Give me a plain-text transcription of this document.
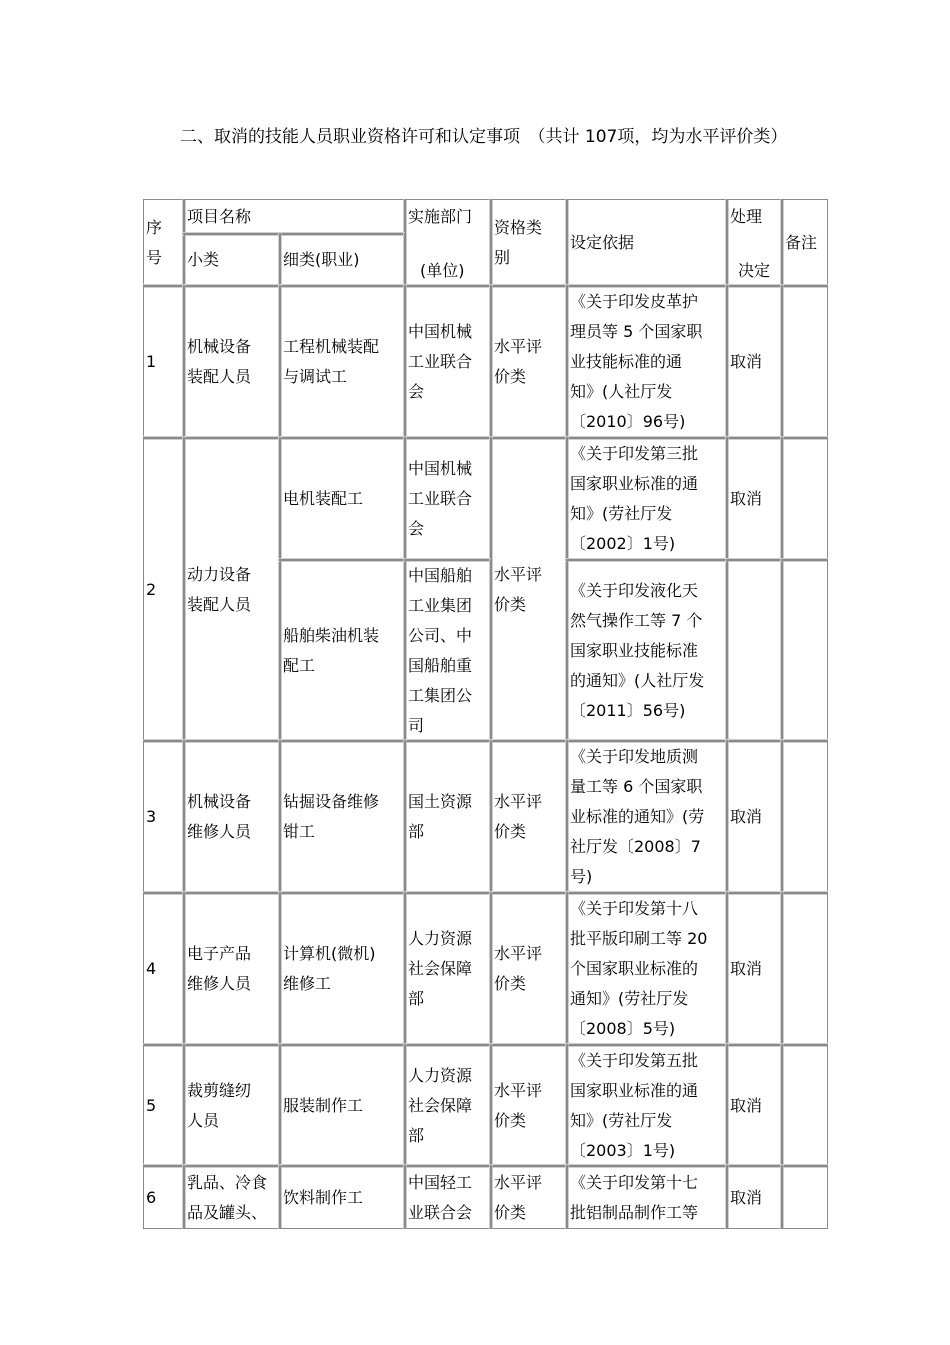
二、取消的技能人员职业资格许可和认定事项　（共计 107项，均为水平评价类）
序
号
项目名称
小类	细类(职业)
实施部门
(单位)
资格类
别
设定依据
处理
决定
备注
1
机械设备
装配人员
工程机械装配
与调试工
中国机械
工业联合
会
水平评
价类
《关于印发皮革护
理员等 5 个国家职
业技能标准的通
知》(人社厅发
〔2010〕96号)
取消
2
动力设备
装配人员
电机装配工
船舶柴油机装
配工
中国机械
工业联合
会
中国船舶
工业集团
公司、中
国船舶重
工集团公
司
水平评
价类
《关于印发第三批
国家职业标准的通
知》(劳社厅发
〔2002〕1号)
《关于印发液化天
然气操作工等 7 个
国家职业技能标准
的通知》(人社厅发
〔2011〕56号)
取消
3
机械设备
维修人员
钻掘设备维修
钳工
国土资源
部
水平评
价类
《关于印发地质测
量工等 6 个国家职
业标准的通知》(劳
社厅发〔2008〕7
号)
取消
4
电子产品
维修人员
计算机(微机)
维修工
人力资源
社会保障
部
水平评
价类
《关于印发第十八
批平版印刷工等 20
个国家职业标准的
通知》(劳社厅发
〔2008〕5号)
取消
5
裁剪缝纫
人员
服装制作工
人力资源
社会保障
部
水平评
价类
《关于印发第五批
国家职业标准的通
知》(劳社厅发
〔2003〕1号)
取消
6
乳品、冷食
品及罐头、
饮料制作工
中国轻工
业联合会
水平评
价类
《关于印发第十七
批铝制品制作工等
取消
